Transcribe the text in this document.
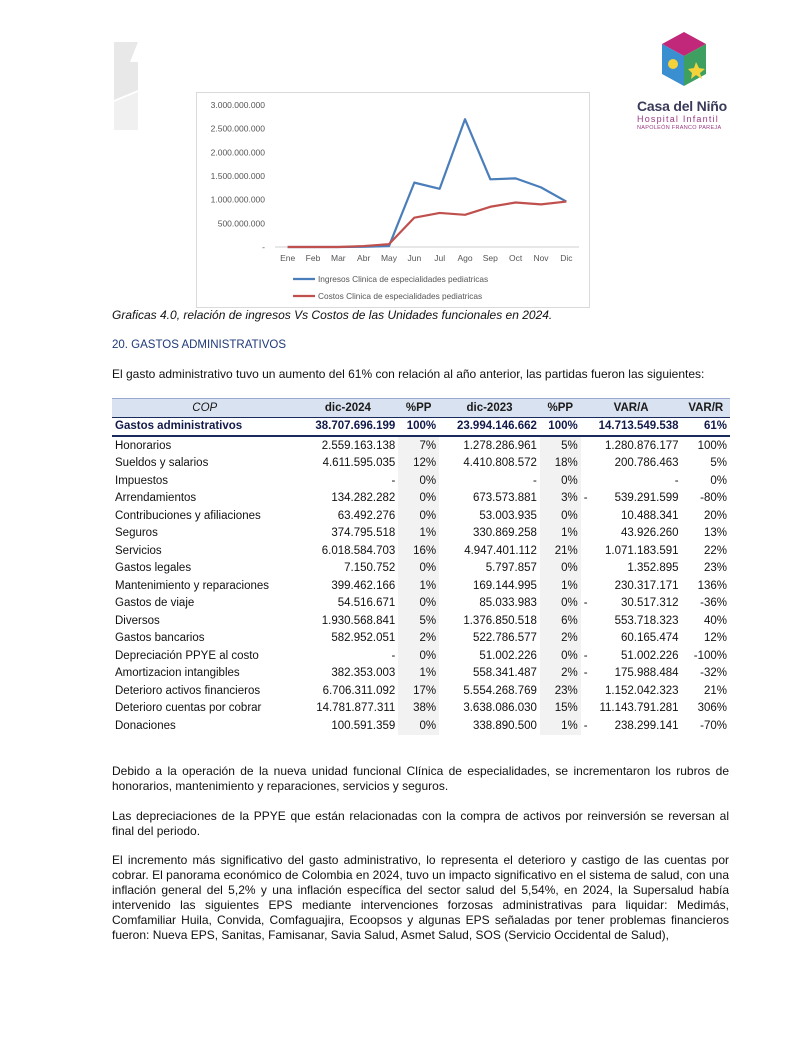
Casa del Niño
Hospital Infantil
NAPOLEÓN FRANCO PAREJA
3.000.000.000
2.500.000.000
2.000.000.000
1.500.000.000
1.000.000.000
500.000.000
-
Ene Feb Mar Abr May Jun Jul Ago Sep Oct Nov Dic
Ingresos Clinica de especialidades pediatricas
Costos Clinica de especialidades pediatricas
Graficas 4.0, relación de ingresos Vs Costos de las Unidades funcionales en 2024.
20. GASTOS ADMINISTRATIVOS
El gasto administrativo tuvo un aumento del 61% con relación al año anterior, las partidas fueron las siguientes:
COP	dic-2024	%PP	dic-2023	%PP	VAR/A		VAR/R
Gastos administrativos	38.707.696.199	100%	23.994.146.662	100%		14.713.549.538	61%
Honorarios	2.559.163.138	7%	1.278.286.961	5%		1.280.876.177	100%
Sueldos y salarios	4.611.595.035	12%	4.410.808.572	18%		200.786.463	5%
Impuestos	-	0%	-	0%		-	0%
Arrendamientos	134.282.282	0%	673.573.881	3%	-	539.291.599	-80%
Contribuciones y afiliaciones	63.492.276	0%	53.003.935	0%		10.488.341	20%
Seguros	374.795.518	1%	330.869.258	1%		43.926.260	13%
Servicios	6.018.584.703	16%	4.947.401.112	21%		1.071.183.591	22%
Gastos legales	7.150.752	0%	5.797.857	0%		1.352.895	23%
Mantenimiento y reparaciones	399.462.166	1%	169.144.995	1%		230.317.171	136%
Gastos de viaje	54.516.671	0%	85.033.983	0%	-	30.517.312	-36%
Diversos	1.930.568.841	5%	1.376.850.518	6%		553.718.323	40%
Gastos bancarios	582.952.051	2%	522.786.577	2%		60.165.474	12%
Depreciación PPYE al costo	-	0%	51.002.226	0%	-	51.002.226	-100%
Amortizacion intangibles	382.353.003	1%	558.341.487	2%	-	175.988.484	-32%
Deterioro activos financieros	6.706.311.092	17%	5.554.268.769	23%		1.152.042.323	21%
Deterioro cuentas por cobrar	14.781.877.311	38%	3.638.086.030	15%		11.143.791.281	306%
Donaciones	100.591.359	0%	338.890.500	1%	-	238.299.141	-70%
Debido a la operación de la nueva unidad funcional Clínica de especialidades, se incrementaron los rubros de honorarios, mantenimiento y reparaciones, servicios y seguros.
Las depreciaciones de la PPYE que están relacionadas con la compra de activos por reinversión se reversan al final del periodo.
El incremento más significativo del gasto administrativo, lo representa el deterioro y castigo de las cuentas por cobrar. El panorama económico de Colombia en 2024, tuvo un impacto significativo en el sistema de salud, con una inflación general del 5,2% y una inflación específica del sector salud del 5,54%, en 2024, la Supersalud había intervenido las siguientes EPS mediante intervenciones forzosas administrativas para liquidar: Medimás, Comfamiliar Huila, Convida, Comfaguajira, Ecoopsos y algunas EPS señaladas por tener problemas financieros fueron: Nueva EPS, Sanitas, Famisanar, Savia Salud, Asmet Salud, SOS (Servicio Occidental de Salud),
